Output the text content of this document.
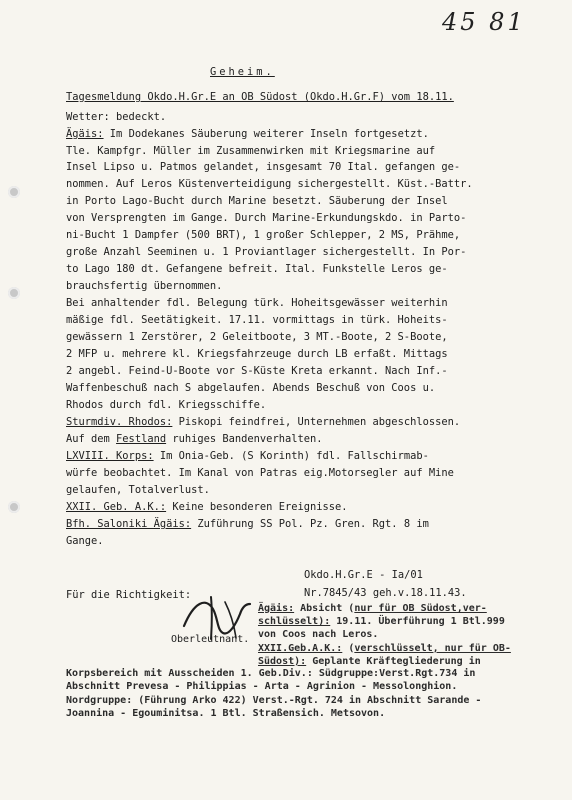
45 81
Geheim.
Tagesmeldung Okdo.H.Gr.E an OB Südost (Okdo.H.Gr.F) vom 18.11.
Wetter: bedeckt.
Ägäis: Im Dodekanes Säuberung weiterer Inseln fortgesetzt.
Tle. Kampfgr. Müller im Zusammenwirken mit Kriegsmarine auf
Insel Lipso u. Patmos gelandet, insgesamt 70 Ital. gefangen ge-
nommen. Auf Leros Küstenverteidigung sichergestellt. Küst.-Battr.
in Porto Lago-Bucht durch Marine besetzt. Säuberung der Insel
von Versprengten im Gange. Durch Marine-Erkundungskdo. in Parto-
ni-Bucht 1 Dampfer (500 BRT), 1 großer Schlepper, 2 MS, Prähme,
große Anzahl Seeminen u. 1 Proviantlager sichergestellt. In Por-
to Lago 180 dt. Gefangene befreit. Ital. Funkstelle Leros ge-
brauchsfertig übernommen.
Bei anhaltender fdl. Belegung türk. Hoheitsgewässer weiterhin
mäßige fdl. Seetätigkeit. 17.11. vormittags in türk. Hoheits-
gewässern 1 Zerstörer, 2 Geleitboote, 3 MT.-Boote, 2 S-Boote,
2 MFP u. mehrere kl. Kriegsfahrzeuge durch LB erfaßt. Mittags
2 angebl. Feind-U-Boote vor S-Küste Kreta erkannt. Nach Inf.-
Waffenbeschuß nach S abgelaufen. Abends Beschuß von Coos u.
Rhodos durch fdl. Kriegsschiffe.
Sturmdiv. Rhodos: Piskopi feindfrei, Unternehmen abgeschlossen.
Auf dem Festland ruhiges Bandenverhalten.
LXVIII. Korps: Im Onia-Geb. (S Korinth) fdl. Fallschirmab-
würfe beobachtet. Im Kanal von Patras eig.Motorsegler auf Mine
gelaufen, Totalverlust.
XXII. Geb. A.K.: Keine besonderen Ereignisse.
Bfh. Saloniki Ägäis: Zuführung SS Pol. Pz. Gren. Rgt. 8 im
Gange.
Für die Richtigkeit:
Okdo.H.Gr.E - Ia/01
Nr.7845/43 geh.v.18.11.43.
Oberleutnant.
Ägäis: Absicht (nur für OB Südost,ver-
schlüsselt): 19.11. Überführung 1 Btl.999
von Coos nach Leros.
XXII.Geb.A.K.: (verschlüsselt, nur für OB-
Südost): Geplante Kräftegliederung in
Korpsbereich mit Ausscheiden 1. Geb.Div.: Südgruppe:Verst.Rgt.734 in
Abschnitt Prevesa - Philippias - Arta - Agrinion - Messolonghion.
Nordgruppe: (Führung Arko 422) Verst.-Rgt. 724 in Abschnitt Sarande -
Joannina - Egouminitsa. 1 Btl. Straßensich. Metsovon.
